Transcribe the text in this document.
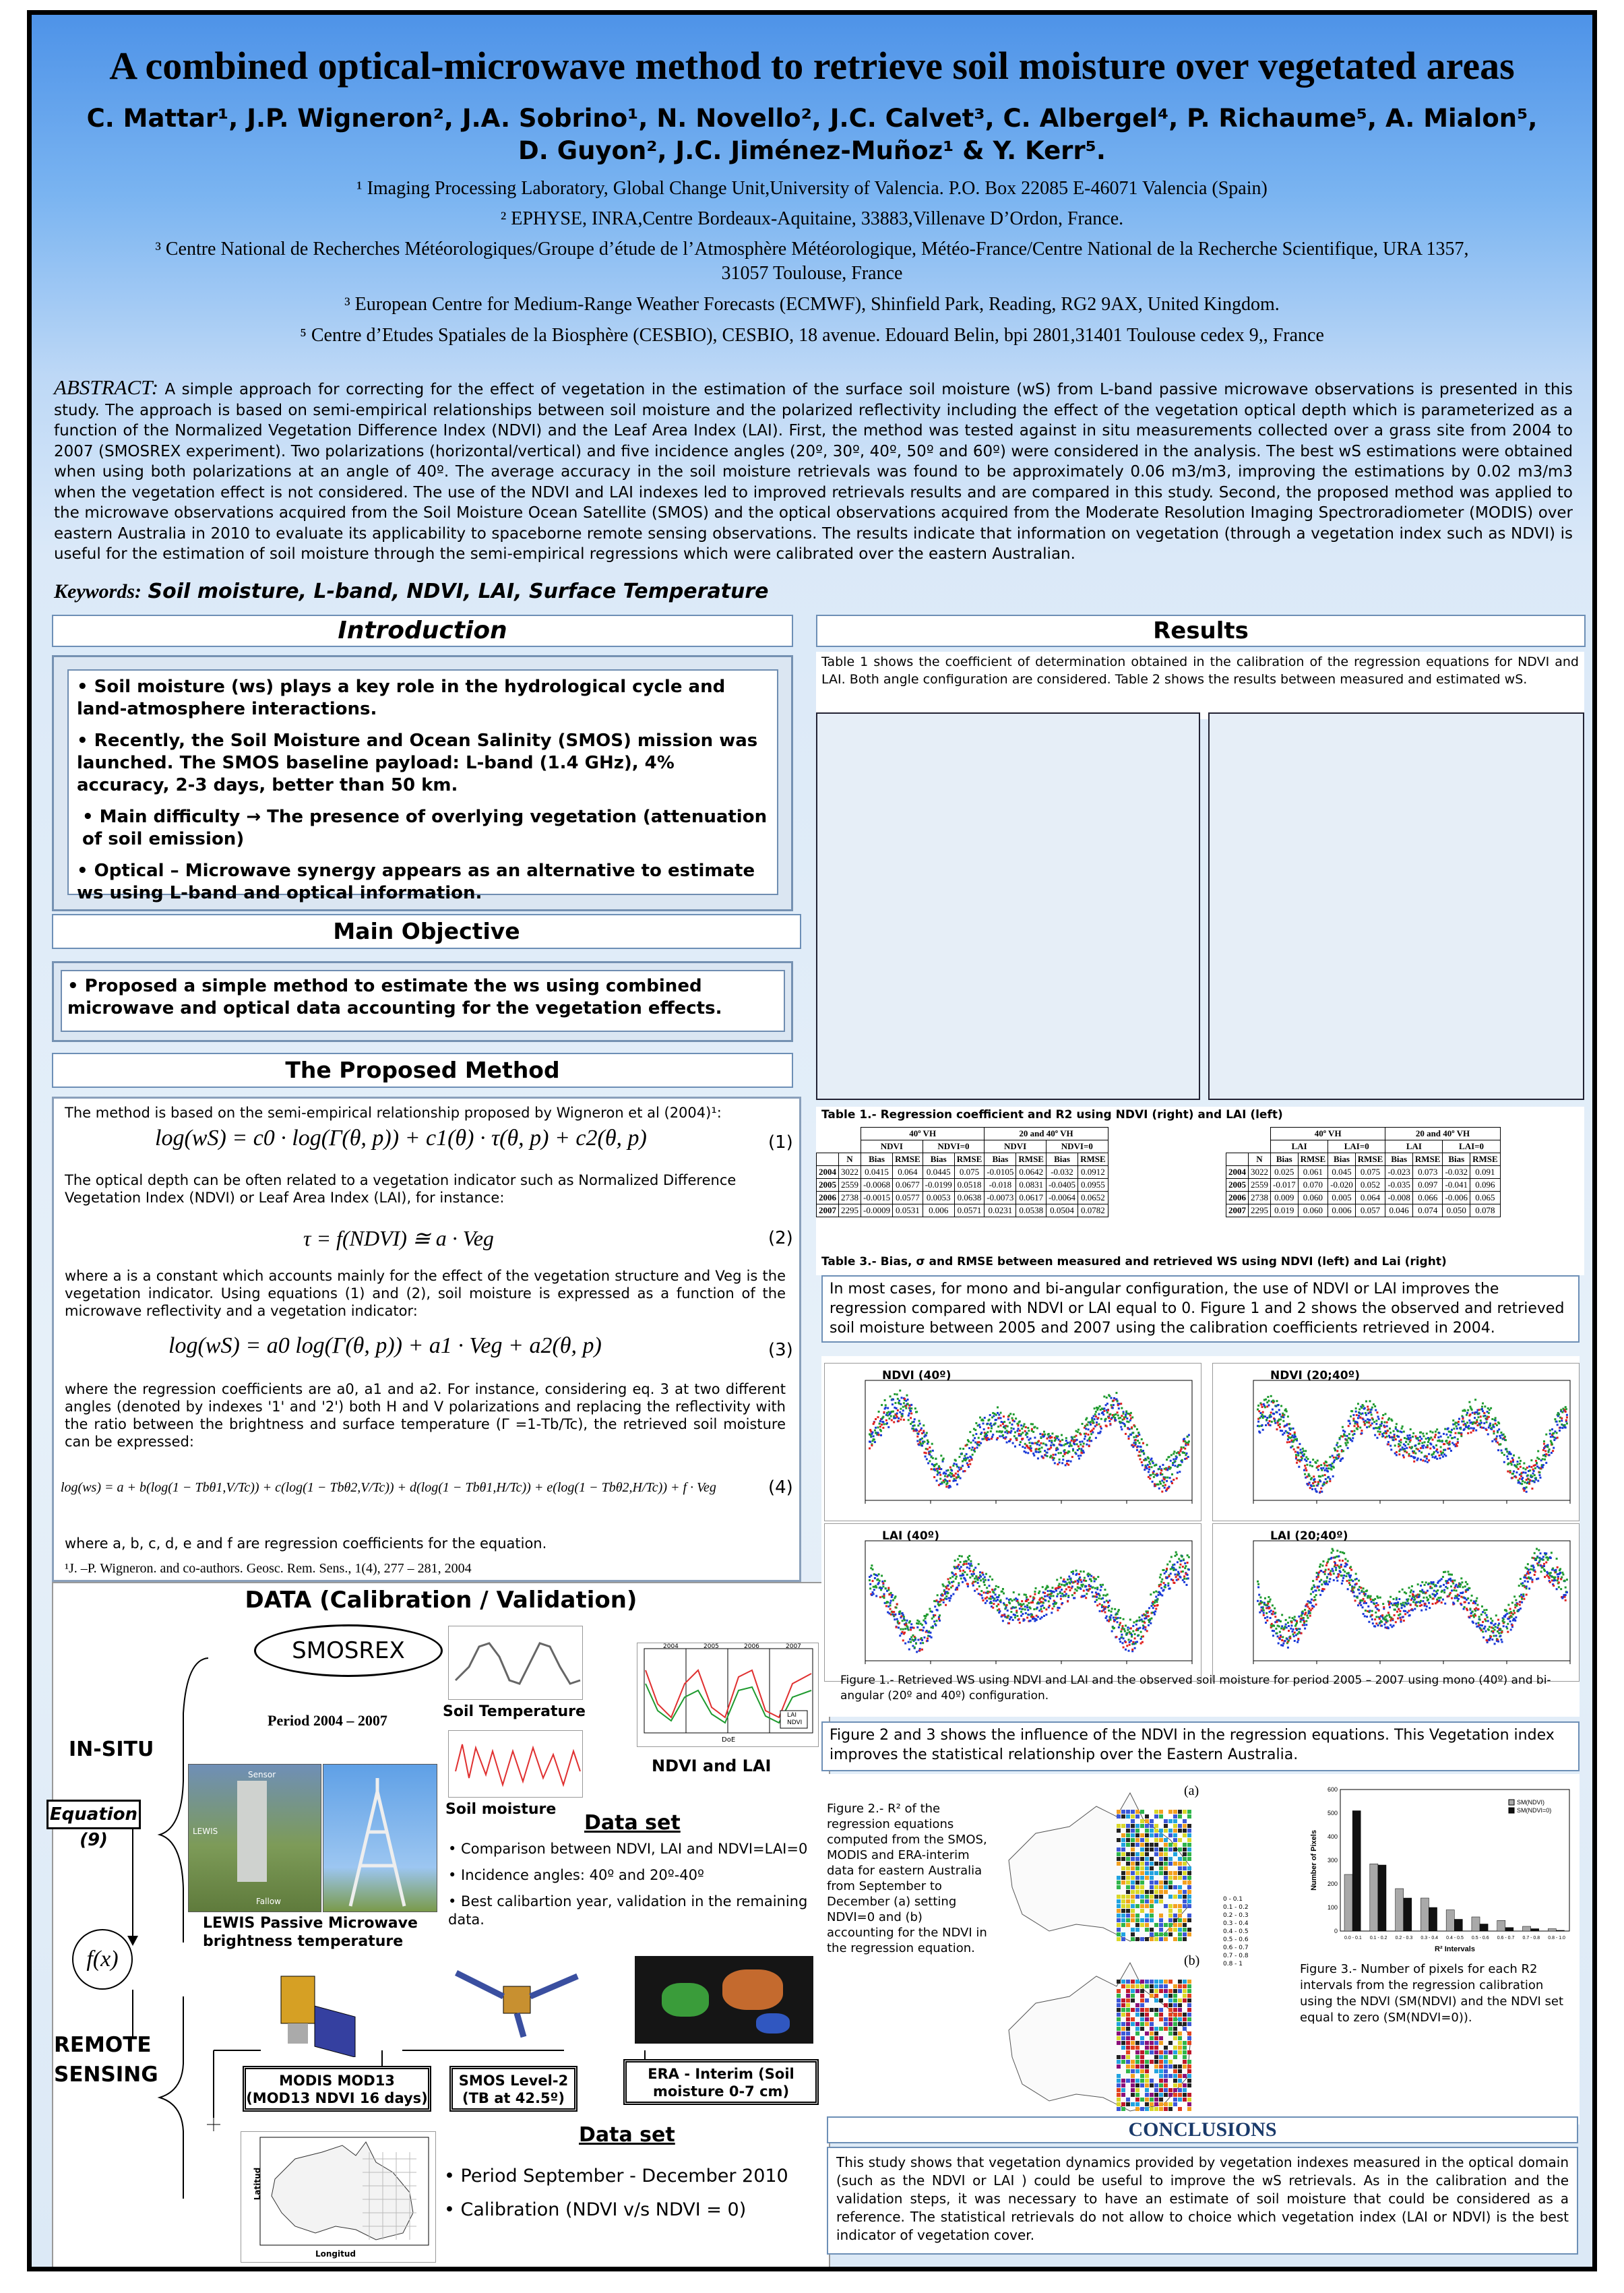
A combined optical-microwave method to retrieve soil moisture over vegetated areas
C. Mattar¹, J.P. Wigneron², J.A. Sobrino¹, N. Novello², J.C. Calvet³, C. Albergel⁴, P. Richaume⁵, A. Mialon⁵,
D. Guyon², J.C. Jiménez-Muñoz¹ & Y. Kerr⁵.
¹ Imaging Processing Laboratory, Global Change Unit,University of Valencia. P.O. Box 22085 E-46071 Valencia (Spain)
² EPHYSE, INRA,Centre Bordeaux-Aquitaine, 33883,Villenave D’Ordon, France.
³ Centre National de Recherches Météorologiques/Groupe d’étude de l’Atmosphère Météorologique, Météo-France/Centre National de la Recherche Scientifique, URA 1357, 31057 Toulouse, France
³ European Centre for Medium-Range Weather Forecasts (ECMWF), Shinfield Park, Reading, RG2 9AX, United Kingdom.
⁵ Centre d’Etudes Spatiales de la Biosphère (CESBIO), CESBIO, 18 avenue. Edouard Belin, bpi 2801,31401 Toulouse cedex 9,, France
ABSTRACT: A simple approach for correcting for the effect of vegetation in the estimation of the surface soil moisture (wS) from L-band passive microwave observations is presented in this study. The approach is based on semi-empirical relationships between soil moisture and the polarized reflectivity including the effect of the vegetation optical depth which is parameterized as a function of the Normalized Vegetation Difference Index (NDVI) and the Leaf Area Index (LAI). First, the method was tested against in situ measurements collected over a grass site from 2004 to 2007 (SMOSREX experiment). Two polarizations (horizontal/vertical) and five incidence angles (20º, 30º, 40º, 50º and 60º) were considered in the analysis. The best wS estimations were obtained when using both polarizations at an angle of 40º. The average accuracy in the soil moisture retrievals was found to be approximately 0.06 m3/m3, improving the estimations by 0.02 m3/m3 when the vegetation effect is not considered. The use of the NDVI and LAI indexes led to improved retrievals results and are compared in this study. Second, the proposed method was applied to the microwave observations acquired from the Soil Moisture Ocean Satellite (SMOS) and the optical observations acquired from the Moderate Resolution Imaging Spectroradiometer (MODIS) over eastern Australia in 2010 to evaluate its applicability to spaceborne remote sensing observations. The results indicate that information on vegetation (through a vegetation index such as NDVI) is useful for the estimation of soil moisture through the semi-empirical regressions which were calibrated over the eastern Australian.
Keywords: Soil moisture, L-band, NDVI, LAI, Surface Temperature
Introduction

• Soil moisture (ws) plays a key role in the hydrological cycle and land-atmosphere interactions.

• Recently, the Soil Moisture and Ocean Salinity (SMOS) mission was launched. The SMOS baseline payload: L-band (1.4 GHz), 4% accuracy, 2-3 days, better than 50 km.

• Main difficulty → The presence of overlying vegetation (attenuation of soil emission)

• Optical – Microwave synergy appears as an alternative to estimate ws using L-band and optical information.

Main Objective

• Proposed a simple method to estimate the ws using combined microwave and optical data accounting for the vegetation effects.

The Proposed Method
The method is based on the semi-empirical relationship proposed by Wigneron et al (2004)¹:
log(wS) = c0 · log(Γ(θ, p)) + c1(θ) · τ(θ, p) + c2(θ, p)	(1)
The optical depth can be often related to a vegetation indicator such as Normalized Difference Vegetation Index (NDVI) or Leaf Area Index (LAI), for instance:
τ = f(NDVI) ≅ a · Veg	(2)
where a is a constant which accounts mainly for the effect of the vegetation structure and Veg is the vegetation indicator. Using equations (1) and (2), soil moisture is expressed as a function of the microwave reflectivity and a vegetation indicator:
log(wS) = a0 log(Γ(θ, p)) + a1 · Veg + a2(θ, p)	(3)
where the regression coefficients are a0, a1 and a2. For instance, considering eq. 3 at two different angles (denoted by indexes '1' and '2') both H and V polarizations and replacing the reflectivity with the ratio between the brightness and surface temperature (Γ =1-Tb/Tc), the retrieved soil moisture can be expressed:
log(ws) = a + b(log(1 − Tbθ1,V/Tc)) + c(log(1 − Tbθ2,V/Tc)) + d(log(1 − Tbθ1,H/Tc)) + e(log(1 − Tbθ2,H/Tc)) + f · Veg	(4)
where a, b, c, d, e and f are regression coefficients for the equation.
¹J. –P. Wigneron. and co-authors. Geosc. Rem. Sens., 1(4), 277 – 281, 2004
DATA (Calibration / Validation)
SMOSREX
Period 2004 – 2007
IN-SITU
Equation (9)
f(x)
REMOTE SENSING
Sensor
LEWIS
Fallow
LEWIS Passive Microwave brightness temperature
Soil Temperature
Soil moisture
2004	2005	2006	2007
LAI
NDVI
DoE
NDVI and LAI
Data set
• Comparison between NDVI, LAI and NDVI=LAI=0
• Incidence angles: 40º and 20º-40º
• Best calibartion year, validation in the remaining data.
MODIS MOD13 (MOD13 NDVI 16 days)
SMOS Level-2 (TB at 42.5º)
ERA - Interim (Soil moisture 0-7 cm)
Longitud
Latitud
Data set
• Period September - December 2010
• Calibration (NDVI v/s NDVI = 0)
Results
Table 1 shows the coefficient of determination obtained in the calibration of the regression equations for NDVI and LAI. Both angle configuration are considered. Table 2 shows the results between measured and estimated wS.
Table 1.- Regression coefficient and R2 using NDVI (right) and LAI (left)
		40º VH				20 and 40º VH			
		NDVI		NDVI=0		NDVI		NDVI=0	
	N	Bias	RMSE	Bias	RMSE	Bias	RMSE	Bias	RMSE
2004	3022	0.0415	0.064	0.0445	0.075	-0.0105	0.0642	-0.032	0.0912
2005	2559	-0.0068	0.0677	-0.0199	0.0518	-0.018	0.0831	-0.0405	0.0955
2006	2738	-0.0015	0.0577	0.0053	0.0638	-0.0073	0.0617	-0.0064	0.0652
2007	2295	-0.0009	0.0531	0.006	0.0571	0.0231	0.0538	0.0504	0.0782
		40º VH				20 and 40º VH			
		LAI		LAI=0		LAI		LAI=0	
	N	Bias	RMSE	Bias	RMSE	Bias	RMSE	Bias	RMSE
2004	3022	0.025	0.061	0.045	0.075	-0.023	0.073	-0.032	0.091
2005	2559	-0.017	0.070	-0.020	0.052	-0.035	0.097	-0.041	0.096
2006	2738	0.009	0.060	0.005	0.064	-0.008	0.066	-0.006	0.065
2007	2295	0.019	0.060	0.006	0.057	0.046	0.074	0.050	0.078
Table 3.- Bias, σ and RMSE between measured and retrieved WS using NDVI (left) and Lai (right)
In most cases, for mono and bi-angular configuration, the use of NDVI or LAI improves the regression compared with NDVI or LAI equal to 0. Figure 1 and 2 shows the observed and retrieved soil moisture between 2005 and 2007 using the calibration coefficients retrieved in 2004.
NDVI (40º)	NDVI (20;40º)
LAI (40º)	LAI (20;40º)
Figure 1.- Retrieved WS using NDVI and LAI and the observed soil moisture for period 2005 – 2007 using mono (40º) and bi-angular (20º and 40º) configuration.
Figure 2 and 3 shows the influence of the NDVI in the regression equations. This Vegetation index improves the statistical relationship over the Eastern Australia.
Figure 2.- R² of the regression equations computed from the SMOS, MODIS and ERA-interim data for eastern Australia from September to December (a) setting NDVI=0 and (b) accounting for the NDVI in the regression equation.
(a)
(b)
0 - 0.1
0.1 - 0.2
0.2 - 0.3
0.3 - 0.4
0.4 - 0.5
0.5 - 0.6
0.6 - 0.7
0.7 - 0.8
0.8 - 1
0
100
200
300
400
500
600
0.0 - 0.1 0.1 - 0.2 0.2 - 0.3 0.3 - 0.4 0.4 - 0.5 0.5 - 0.6 0.6 - 0.7 0.7 - 0.8 0.8 - 1.0
R² Intervals
Number of Pixels
SM(NDVI)
SM(NDVI=0)
Figure 3.- Number of pixels for each R2 intervals from the regression calibration using the NDVI (SM(NDVI) and the NDVI set equal to zero (SM(NDVI=0)).
CONCLUSIONS
This study shows that vegetation dynamics provided by vegetation indexes measured in the optical domain (such as the NDVI or LAI ) could be useful to improve the wS retrievals. As in the calibration and the validation steps, it was necessary to have an estimate of soil moisture that could be considered as a reference. The statistical retrievals do not allow to choice which vegetation index (LAI or NDVI) is the best indicator of vegetation cover.
